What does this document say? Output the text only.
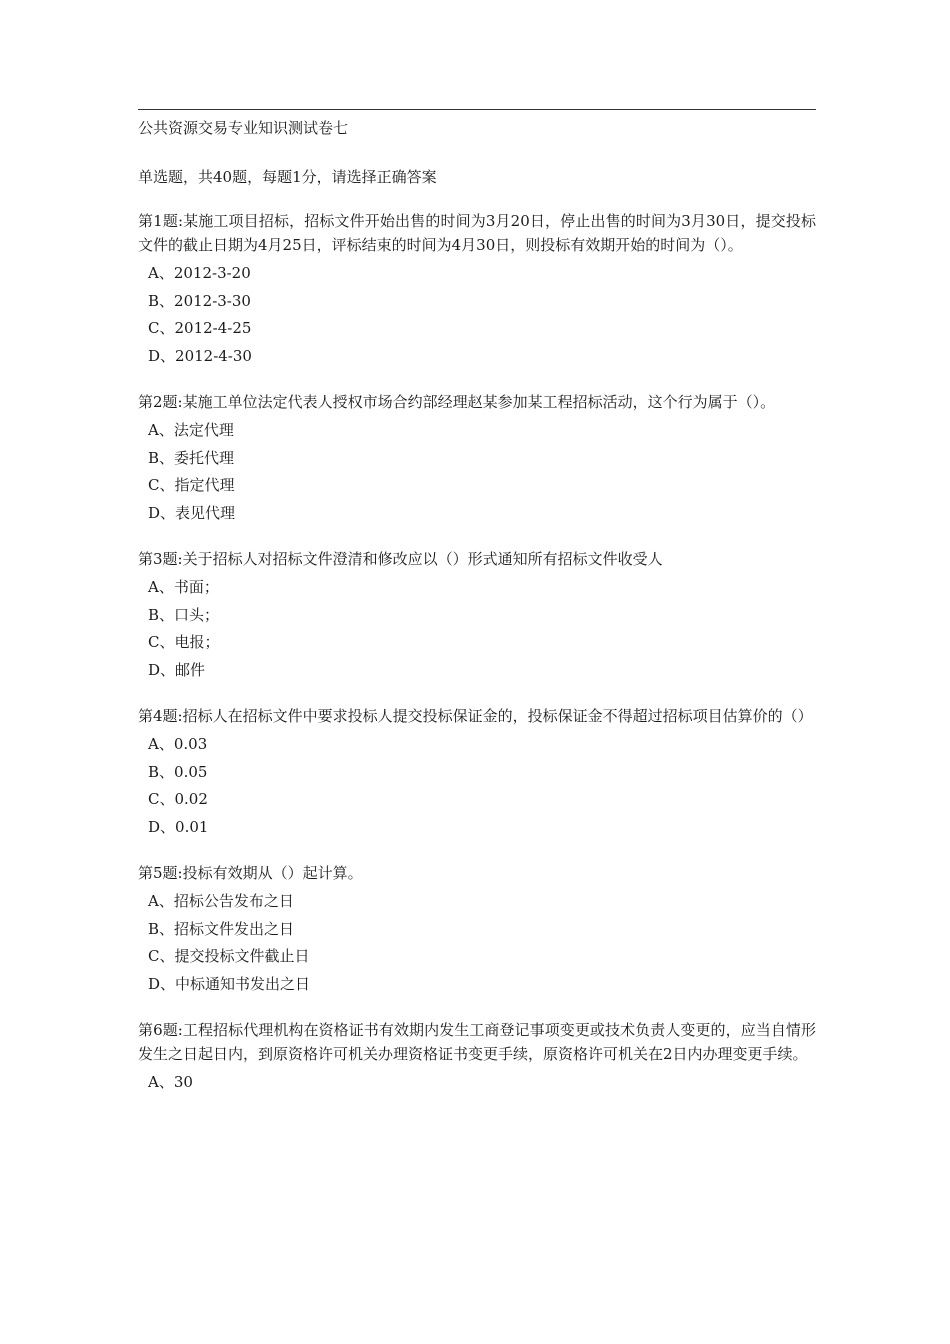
公共资源交易专业知识测试卷七
单选题，共40题，每题1分，请选择正确答案
第1题:某施工项目招标，招标文件开始出售的时间为3月20日，停止出售的时间为3月30日，提交投标文件的截止日期为4月25日，评标结束的时间为4月30日，则投标有效期开始的时间为（）。
A、2012-3-20
B、2012-3-30
C、2012-4-25
D、2012-4-30
第2题:某施工单位法定代表人授权市场合约部经理赵某参加某工程招标活动，这个行为属于（）。
A、法定代理
B、委托代理
C、指定代理
D、表见代理
第3题:关于招标人对招标文件澄清和修改应以（）形式通知所有招标文件收受人
A、书面；
B、口头；
C、电报；
D、邮件
第4题:招标人在招标文件中要求投标人提交投标保证金的，投标保证金不得超过招标项目估算价的（）
A、0.03
B、0.05
C、0.02
D、0.01
第5题:投标有效期从（）起计算。
A、招标公告发布之日
B、招标文件发出之日
C、提交投标文件截止日
D、中标通知书发出之日
第6题:工程招标代理机构在资格证书有效期内发生工商登记事项变更或技术负责人变更的，应当自情形发生之日起日内，到原资格许可机关办理资格证书变更手续，原资格许可机关在2日内办理变更手续。
A、30
